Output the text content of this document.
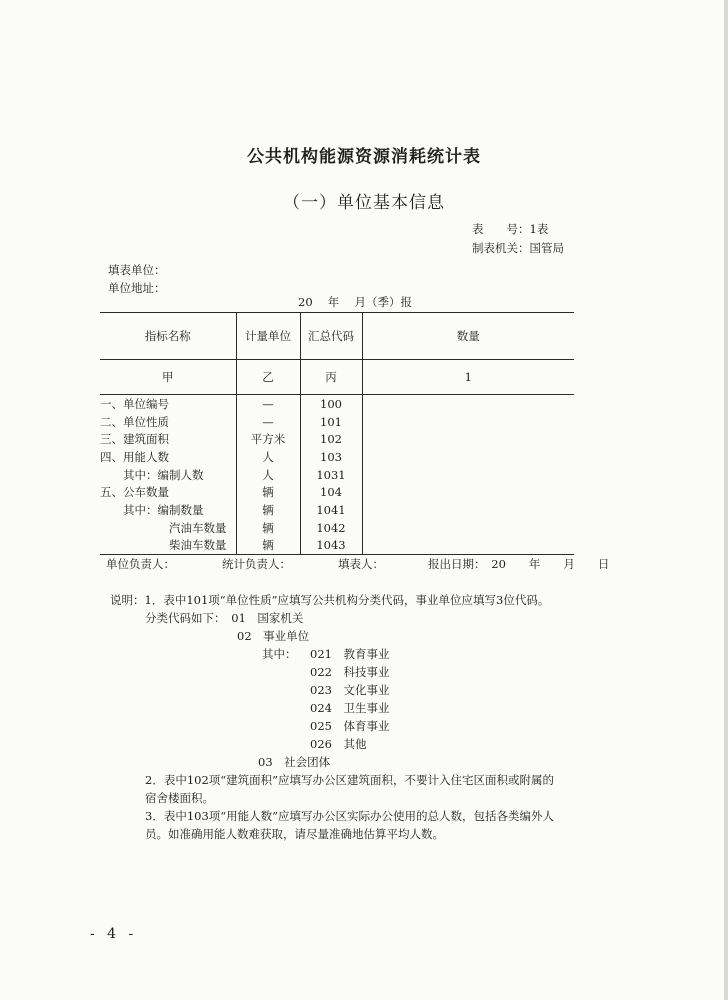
公共机构能源资源消耗统计表
（一）单位基本信息
表　　号：1表
制表机关：国管局
填表单位：
单位地址：
20　 年　 月（季）报
指标名称	计量单位	汇总代码	数量
甲	乙	丙	1
一、单位编号	—	100	
二、单位性质	—	101	
三、建筑面积	平方米	102	
四、用能人数	人	103	
　　其中：编制人数	人	1031	
五、公车数量	辆	104	
　　其中：编制数量	辆	1041	
　　　　　　汽油车数量	辆	1042	
　　　　　　柴油车数量	辆	1043	
单位负责人：	统计负责人：	填表人：	报出日期：　20　　年　　月　　日
说明：1．表中101项“单位性质”应填写公共机构分类代码，事业单位应填写3位代码。
分类代码如下：　01　国家机关
02　事业单位
其中： 021　教育事业
022　科技事业
023　文化事业
024　卫生事业
025　体育事业
026　其他
03　社会团体
2．表中102项“建筑面积”应填写办公区建筑面积，不要计入住宅区面积或附属的
宿舍楼面积。
3．表中103项“用能人数”应填写办公区实际办公使用的总人数，包括各类编外人
员。如准确用能人数难获取，请尽量准确地估算平均人数。
- 4 -
